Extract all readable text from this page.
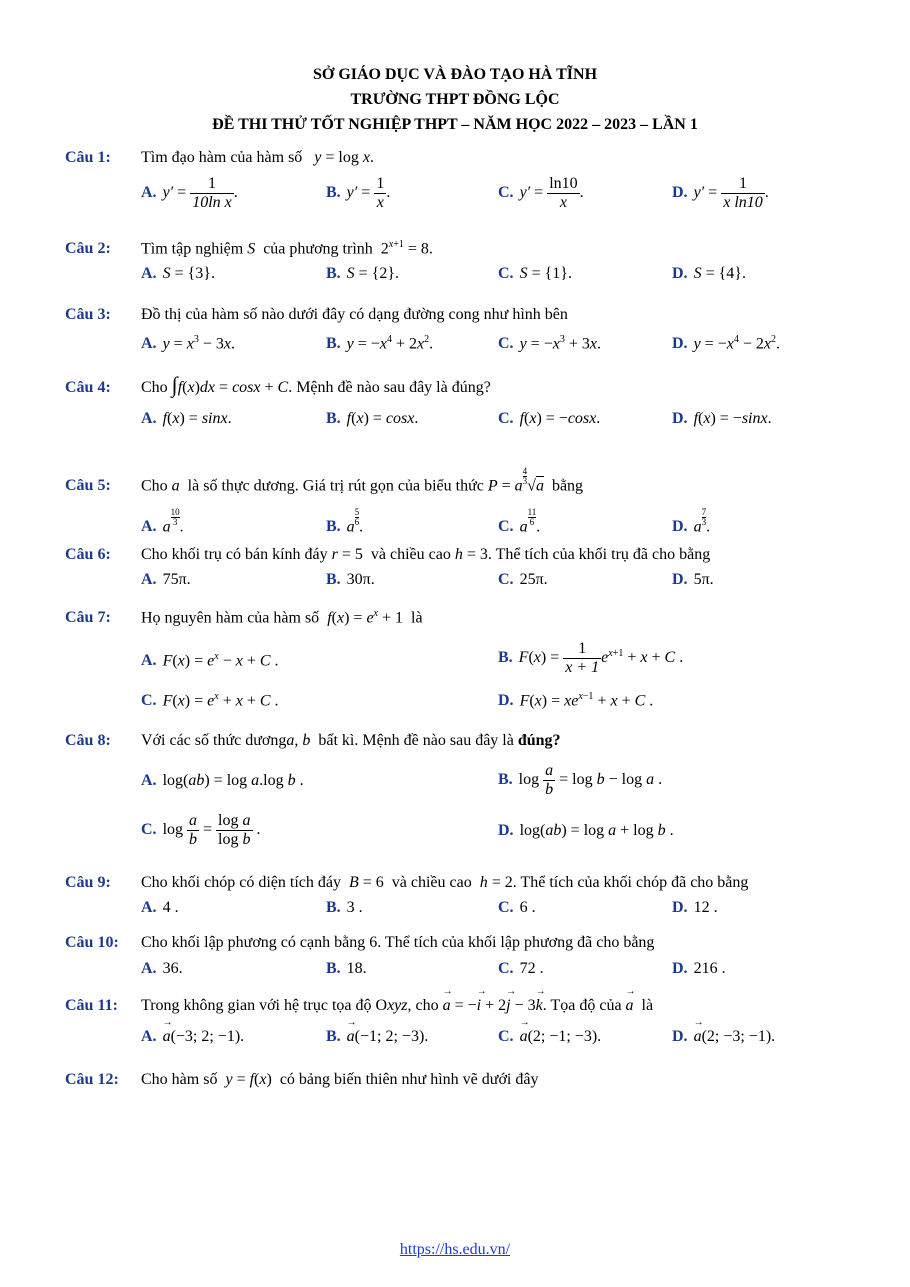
SỞ GIÁO DỤC VÀ ĐÀO TẠO HÀ TĨNH
TRƯỜNG THPT ĐỒNG LỘC
ĐỀ THI THỬ TỐT NGHIỆP THPT – NĂM HỌC 2022 – 2023 – LẦN 1
Câu 1: Tìm đạo hàm của hàm số   y = log x.
A. $y' = \frac{1}{\text{10ln x}}$ .	B. $y' = \frac{1}{x}$ .	C. $y' = \frac{\ln 10}{x}$ .	D. $y' = \frac{1}{\text{x ln10}}$ .
Câu 2: Tìm tập nghiệm S của phương trình  $2^{x+1} = 8$.
A. S = {3}.	B. S = {2}.	C. S = {1}.	D. S = {4}.
Câu 3: Đồ thị của hàm số nào dưới đây có dạng đường cong như hình bên
A. $y = x^3 - 3x$.	B. $y = -x^4 + 2x^2$.	C. $y = -x^3 + 3x$.	D. $y = -x^4 - 2x^2$.
Câu 4: Cho ∫f(x)dx = cosx + C. Mệnh đề nào sau đây là đúng?
A. f(x) = sinx.	B. f(x) = cosx.	C. f(x) = −cosx.	D. f(x) = −sinx.
Câu 5: Cho a là số thực dương. Giá trị rút gọn của biểu thức P = a $\frac{4}{3}√a$ bằng
A. a $\frac{10}{3}$.	B. a $\frac{5}{6}$.	C. a $\frac{11}{6}$.	D. a $\frac{7}{3}$.
Câu 6: Cho khối trụ có bán kính đáy r = 5  và chiều cao h = 3. Thể tích của khối trụ đã cho bằng
A. 75π.	B. 30π.	C. 25π.	D. 5π.
Câu 7: Họ nguyên hàm của hàm số $f(x) = e^x + 1$  là
A. $F(x) = e^x - x + C$ .	B. $F(x) = \frac{1}{x + 1} e^{x+1} + x + C$ .
C. $F(x) = e^x + x + C$ .	D. $F(x) = xe^{x-1} + x + C$ .
Câu 8: Với các số thức dươnga, b bất kì. Mệnh đề nào sau đây là đúng?
A. log(ab) = log a.log b .	B. $\log \frac{a}{b} = \log b - \log a$ .
C. $\log \frac{a}{b} = \frac{\text{log a}}{\text{log b}}$ .	D. log(ab) = log a + log b .
Câu 9: Cho khối chóp có diện tích đáy B = 6  và chiều cao h = 2. Thể tích của khối chóp đã cho bằng
A. 4 .	B. 3 .	C. 6 .	D. 12 .
Câu 10: Cho khối lập phương có cạnh bằng 6. Thể tích của khối lập phương đã cho bằng
A. 36.	B. 18.	C. 72 .	D. 216 .
Câu 11: Trong không gian với hệ trục tọa độ Oxyz, cho → a = −→ i + 2→ j − 3→ k. Tọa độ của → a là
A. → a(−3; 2; −1).	B. → a(−1; 2; −3).	C. → a(2; −1; −3).	D. → a(2; −3; −1).
Câu 12: Cho hàm số y = f(x)  có bảng biến thiên như hình vẽ dưới đây
https://hs.edu.vn/
